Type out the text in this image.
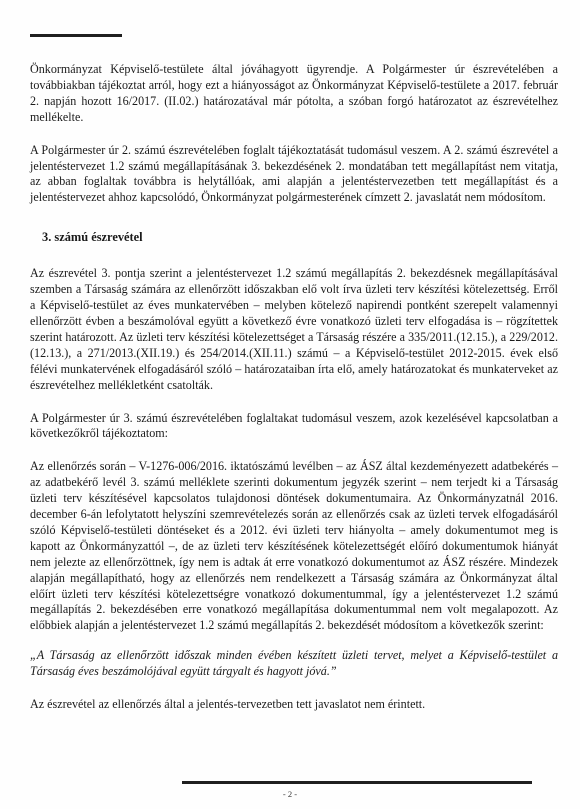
Önkormányzat Képviselő-testülete által jóváhagyott ügyrendje. A Polgármester úr észrevételében a továbbiakban tájékoztat arról, hogy ezt a hiányosságot az Önkormányzat Képviselő-testülete a 2017. február 2. napján hozott 16/2017. (II.02.) határozatával már pótolta, a szóban forgó határozatot az észrevételhez mellékelte.

A Polgármester úr 2. számú észrevételében foglalt tájékoztatását tudomásul veszem. A 2. számú észrevétel a jelentéstervezet 1.2 számú megállapításának 3. bekezdésének 2. mondatában tett megállapítást nem vitatja, az abban foglaltak továbbra is helytállóak, ami alapján a jelentéstervezetben tett megállapítást és a jelentéstervezet ahhoz kapcsolódó, Önkormányzat polgármesterének címzett 2. javaslatát nem módosítom.

3. számú észrevétel

Az észrevétel 3. pontja szerint a jelentéstervezet 1.2 számú megállapítás 2. bekezdésnek megállapításával szemben a Társaság számára az ellenőrzött időszakban elő volt írva üzleti terv készítési kötelezettség. Erről a Képviselő-testület az éves munkatervében – melyben kötelező napirendi pontként szerepelt valamennyi ellenőrzött évben a beszámolóval együtt a következő évre vonatkozó üzleti terv elfogadása is – rögzítettek szerint határozott. Az üzleti terv készítési kötelezettséget a Társaság részére a 335/2011.(12.15.), a 229/2012.(12.13.), a 271/2013.(XII.19.) és 254/2014.(XII.11.) számú – a Képviselő-testület 2012-2015. évek első félévi munkatervének elfogadásáról szóló – határozataiban írta elő, amely határozatokat és munkaterveket az észrevételhez mellékletként csatolták.

A Polgármester úr 3. számú észrevételében foglaltakat tudomásul veszem, azok kezelésével kapcsolatban a következőkről tájékoztatom:

Az ellenőrzés során – V-1276-006/2016. iktatószámú levélben – az ÁSZ által kezdeményezett adatbekérés – az adatbekérő levél 3. számú melléklete szerinti dokumentum jegyzék szerint – nem terjedt ki a Társaság üzleti terv készítésével kapcsolatos tulajdonosi döntések dokumentumaira. Az Önkormányzatnál 2016. december 6-án lefolytatott helyszíni szemrevételezés során az ellenőrzés csak az üzleti tervek elfogadásáról szóló Képviselő-testületi döntéseket és a 2012. évi üzleti terv hiányolta – amely dokumentumot meg is kapott az Önkormányzattól –, de az üzleti terv készítésének kötelezettségét előíró dokumentumok hiányát nem jelezte az ellenőrzöttnek, így nem is adtak át erre vonatkozó dokumentumot az ÁSZ részére. Mindezek alapján megállapítható, hogy az ellenőrzés nem rendelkezett a Társaság számára az Önkormányzat által előírt üzleti terv készítési kötelezettségre vonatkozó dokumentummal, így a jelentéstervezet 1.2 számú megállapítás 2. bekezdésében erre vonatkozó megállapítása dokumentummal nem volt megalapozott. Az előbbiek alapján a jelentéstervezet 1.2 számú megállapítás 2. bekezdését módosítom a következők szerint:

„A Társaság az ellenőrzött időszak minden évében készített üzleti tervet, melyet a Képviselő-testület a Társaság éves beszámolójával együtt tárgyalt és hagyott jóvá.”

Az észrevétel az ellenőrzés által a jelentés-tervezetben tett javaslatot nem érintett.

- 2 -
